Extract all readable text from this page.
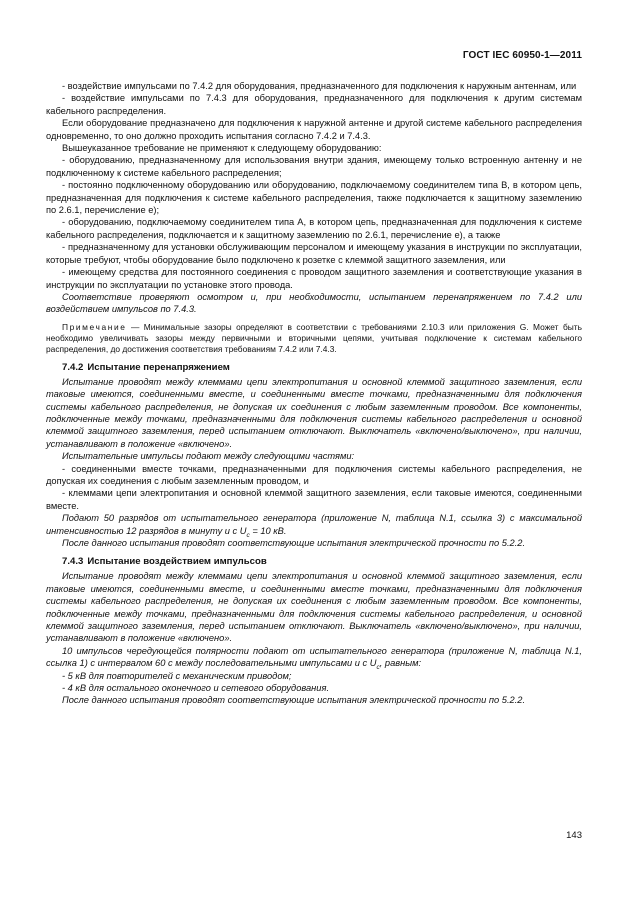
ГОСТ IEC 60950-1—2011

- воздействие импульсами по 7.4.2 для оборудования, предназначенного для подключения к наружным антеннам, или

- воздействие импульсами по 7.4.3 для оборудования, предназначенного для подключения к другим системам кабельного распределения.

Если оборудование предназначено для подключения к наружной антенне и другой системе кабельного распределения одновременно, то оно должно проходить испытания согласно 7.4.2 и 7.4.3.

Вышеуказанное требование не применяют к следующему оборудованию:

- оборудованию, предназначенному для использования внутри здания, имеющему только встроенную антенну и не подключенному к системе кабельного распределения;

- постоянно подключенному оборудованию или оборудованию, подключаемому соединителем типа В, в котором цепь, предназначенная для подключения к системе кабельного распределения, также подключается к защитному заземлению по 2.6.1, перечисление е);

- оборудованию, подключаемому соединителем типа А, в котором цепь, предназначенная для подключения к системе кабельного распределения, подключается и к защитному заземлению по 2.6.1, перечисление е), а также

- предназначенному для установки обслуживающим персоналом и имеющему указания в инструкции по эксплуатации, которые требуют, чтобы оборудование было подключено к розетке с клеммой защитного заземления, или

- имеющему средства для постоянного соединения с проводом защитного заземления и соответствующие указания в инструкции по эксплуатации по установке этого провода.

Соответствие проверяют осмотром и, при необходимости, испытанием перенапряжением по 7.4.2 или воздействием импульсов по 7.4.3.

Примечание — Минимальные зазоры определяют в соответствии с требованиями 2.10.3 или приложения G. Может быть необходимо увеличивать зазоры между первичными и вторичными цепями, учитывая подключение к системам кабельного распределения, до достижения соответствия требованиям 7.4.2 или 7.4.3.

7.4.2 Испытание перенапряжением

Испытание проводят между клеммами цепи электропитания и основной клеммой защитного заземления, если таковые имеются, соединенными вместе, и соединенными вместе точками, предназначенными для подключения системы кабельного распределения, не допуская их соединения с любым заземленным проводом. Все компоненты, подключенные между точками, предназначенными для подключения системы кабельного распределения и основной клеммой защитного заземления, перед испытанием отключают. Выключатель «включено/выключено», при наличии, устанавливают в положение «включено».

Испытательные импульсы подают между следующими частями:

- соединенными вместе точками, предназначенными для подключения системы кабельного распределения, не допуская их соединения с любым заземленным проводом, и

- клеммами цепи электропитания и основной клеммой защитного заземления, если таковые имеются, соединенными вместе.

Подают 50 разрядов от испытательного генератора (приложение N, таблица N.1, ссылка 3) с максимальной интенсивностью 12 разрядов в минуту и с $U_c = 10$ кВ.

После данного испытания проводят соответствующие испытания электрической прочности по 5.2.2.

7.4.3 Испытание воздействием импульсов

Испытание проводят между клеммами цепи электропитания и основной клеммой защитного заземления, если таковые имеются, соединенными вместе, и соединенными вместе точками, предназначенными для подключения системы кабельного распределения, не допуская их соединения с любым заземленным проводом. Все компоненты, подключенные между точками, предназначенными для подключения системы кабельного распределения, и основной клеммой защитного заземления, перед испытанием отключают. Выключатель «включено/выключено», при наличии, устанавливают в положение «включено».

10 импульсов чередующейся полярности подают от испытательного генератора (приложение N, таблица N.1, ссылка 1) с интервалом 60 с между последовательными импульсами и с $U_c$, равным:

- 5 кВ для повторителей с механическим приводом;

- 4 кВ для остального оконечного и сетевого оборудования.

После данного испытания проводят соответствующие испытания электрической прочности по 5.2.2.

143
